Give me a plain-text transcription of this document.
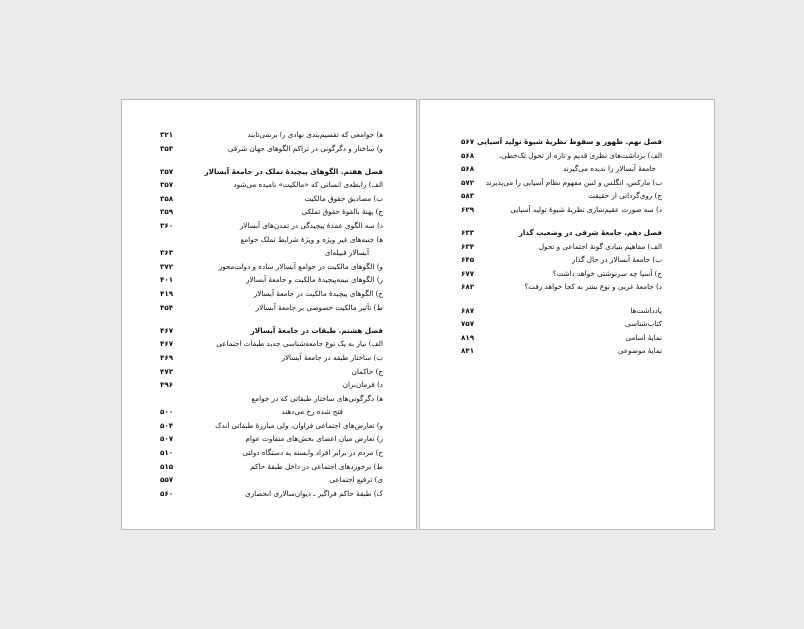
ﻫ) جوامعی که تقسیم‌بندی نهادی را برنمی‌تابند
۳۲۱
و) ساختار و دگرگونی در تراکم الگوهای جهان شرقی
۳۵۳
فصل هفتم. الگوهای پیچیدهٔ تملک در جامعهٔ آبسالار
۳۵۷
الف) رابطه‌ی انسانی که «مالکیت» نامیده می‌شود
۳۵۷
ب) مصادیق حقوق مالکیت
۳۵۸
ج) پهنهٔ بالقوهٔ حقوق تملکی
۳۵۹
د) سه الگوی عمدهٔ پیچیدگی در تمدن‌های آبسالار
۳۶۰
ﻫ) جنبه‌های غیر ویژه و ویژهٔ شرایط تملک جوامع
آبسالار قبیله‌ای
۳۶۳
و) الگوهای مالکیت در جوامع آبسالار ساده و دولت‌محور
۳۷۲
ز) الگوهای نیمه‌پیچیدهٔ مالکیت و جامعهٔ آبسالار
۴۰۱
ح) الگوهای پیچیدهٔ مالکیت در جامعهٔ آبسالار
۴۱۹
ط) تأثیر مالکیت خصوصی بر جامعهٔ آبسالار
۴۵۴
فصل هشتم. طبقات در جامعهٔ آبسالار
۴۶۷
الف) نیاز به یک نوع جامعه‌شناسی جدید طبقات اجتماعی
۴۶۷
ب) ساختار طبقه در جامعهٔ آبسالار
۴۶۹
ج) حاکمان
۴۷۳
د) فرمان‌بران
۴۹۶
ﻫ) دگرگونی‌های ساختار طبقاتی که در جوامع
فتح شده رخ می‌دهند
۵۰۰
و) تعارض‌های اجتماعی فراوان، ولی مبارزهٔ طبقاتی اندک
۵۰۴
ز) تعارض میان اعضای بخش‌های متفاوت عوام
۵۰۷
ح) مردم در برابر افراد وابسته به دستگاه دولتی
۵۱۰
ط) برخوردهای اجتماعی در داخل طبقهٔ حاکم
۵۱۵
ی) ترفیع اجتماعی
۵۵۷
ک) طبقهٔ حاکم فراگیر ـ دیوان‌سالاری انحصاری
۵۶۰
فصل نهم. ظهور و سقوط نظریهٔ شیوهٔ تولید آسیایی
۵۶۷
الف) برداشت‌های نظری قدیم و تازه از تحول تک‌خطی،
۵۶۸
جامعهٔ آبسالار را ندیده می‌گیرند
۵۶۸
ب) مارکس، انگلس و لنین مفهوم نظام آسیایی را می‌پذیرند
۵۷۲
ج) روی‌گردانی از حقیقت
۵۸۳
د) سه صورت عقیم‌سازی نظریهٔ شیوهٔ تولید آسیایی
۶۲۹
فصل دهم. جامعهٔ شرقی در وضعیت گذار
۶۳۳
الف) مفاهیم بنیادی گونهٔ اجتماعی و تحول
۶۳۴
ب) جامعهٔ آبسالار در حال گذار
۶۴۵
ج) آسیا چه سرنوشتی خواهد داشت؟
۶۷۷
د) جامعهٔ غربی و نوع بشر به کجا خواهد رفت؟
۶۸۲
یادداشت‌ها
۶۸۷
کتاب‌شناسی
۷۵۷
نمایهٔ اسامی
۸۱۹
نمایهٔ موضوعی
۸۴۱
